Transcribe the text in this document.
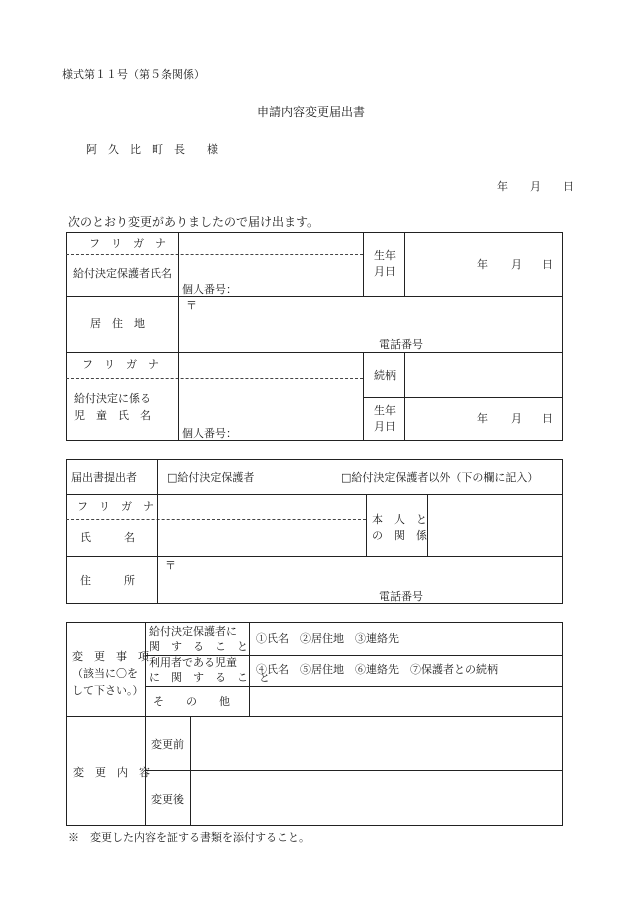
様式第１１号（第５条関係）
申請内容変更届出書
阿　久　比　町　長　　様
年 月 日
次のとおり変更がありましたので届け出ます。
フ　リ　ガ　ナ
給付決定保護者氏名
個人番号：
生年
月日
年 月 日
居　住　地
〒
電話番号
フ　リ　ガ　ナ
続柄
給付決定に係る
児　童　氏　名
個人番号：
生年
月日
年 月 日
届出書提出者	□給付決定保護者	□給付決定保護者以外（下の欄に記入）
フ　リ　ガ　ナ
氏　　　名
本　人　と
の　関　係
住　　　所
〒
電話番号
変　更　事　項
（該当に〇を
して下さい。）
給付決定保護者に
関　す　る　こ　と
①氏名　②居住地　③連絡先
利用者である児童
に　関　す　る　こ　と
④氏名　⑤居住地　⑥連絡先　⑦保護者との続柄
そ　　の　　他
変　更　内　容
変更前
変更後
※　変更した内容を証する書類を添付すること。
